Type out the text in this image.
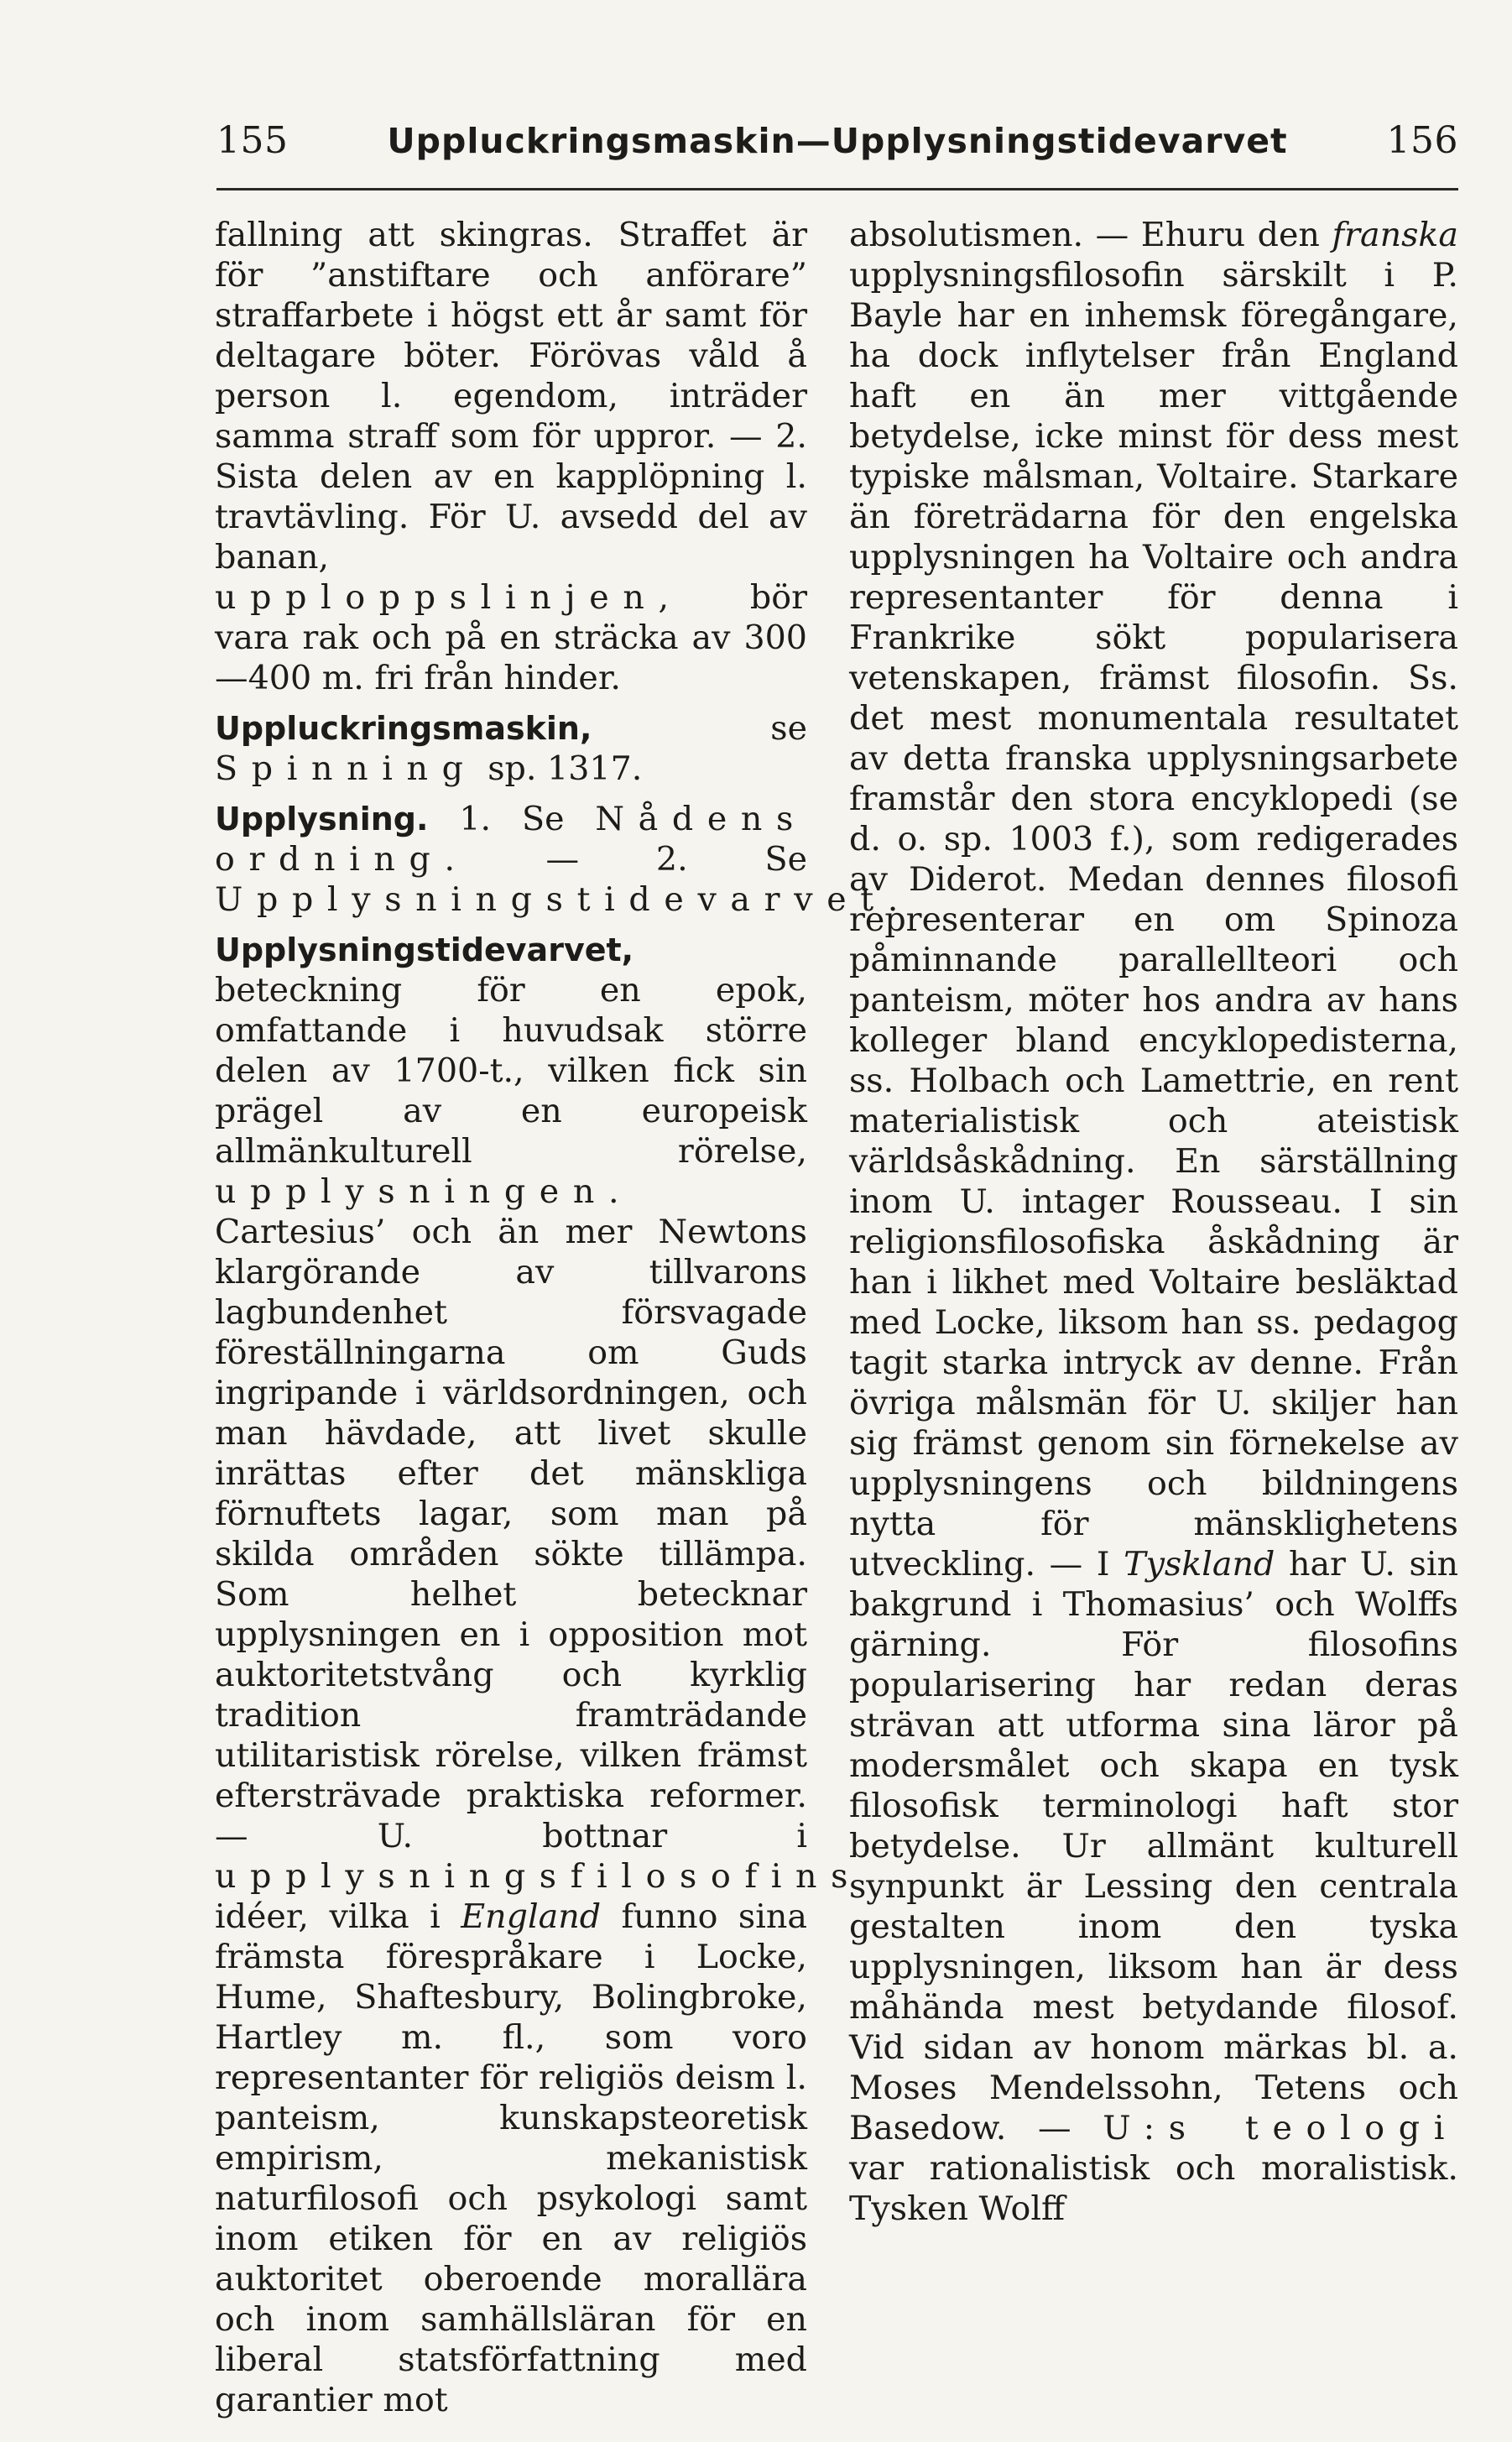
155	Uppluckringsmaskin—Upplysningstidevarvet	156

fallning att skingras. Straffet är för ”anstiftare och anförare” straffarbete i högst ett år samt för deltagare böter. Förövas våld å person l. egendom, inträder samma straff som för uppror. — 2. Sista delen av en kapplöpning l. travtävling. För U. avsedd del av banan, upploppslinjen, bör vara rak och på en sträcka av 300—400 m. fri från hinder.

Uppluckringsmaskin,	se Spinning sp. 1317.

Upplysning. 1. Se Nådens ordning. — 2. Se Upplysningstidevarvet.

Upplysningstidevarvet, beteckning för en epok, omfattande i huvudsak större delen av 1700-t., vilken fick sin prägel av en europeisk allmänkulturell rörelse, upplysningen. Cartesius’ och än mer Newtons klargörande av tillvarons lagbundenhet försvagade föreställningarna om Guds ingripande i världsordningen, och man hävdade, att livet skulle inrättas efter det mänskliga förnuftets lagar, som man på skilda områden sökte tillämpa. Som helhet betecknar upplysningen en i opposition mot auktoritetstvång och kyrklig tradition framträdande utilitaristisk rörelse, vilken främst eftersträvade praktiska reformer. — U. bottnar i upplysningsfilosofins idéer, vilka i England funno sina främsta förespråkare i Locke, Hume, Shaftesbury, Bolingbroke, Hartley m. fl., som voro representanter för religiös deism l. panteism, kunskapsteoretisk empirism, mekanistisk naturfilosofi och psykologi samt inom etiken för en av religiös auktoritet oberoende morallära och inom samhällsläran för en liberal statsförfattning med garantier mot

absolutismen. — Ehuru den franska upplysningsfilosofin särskilt i P. Bayle har en inhemsk föregångare, ha dock inflytelser från England haft en än mer vittgående betydelse, icke minst för dess mest typiske målsman, Voltaire. Starkare än företrädarna för den engelska upplysningen ha Voltaire och andra representanter för denna i Frankrike sökt popularisera vetenskapen, främst filosofin. Ss. det mest monumentala resultatet av detta franska upplysningsarbete framstår den stora encyklopedi (se d. o. sp. 1003 f.), som redigerades av Diderot. Medan dennes filosofi representerar en om Spinoza påminnande parallellteori och panteism, möter hos andra av hans kolleger bland encyklopedisterna, ss. Holbach och Lamettrie, en rent materialistisk och ateistisk världsåskådning. En särställning inom U. intager Rousseau. I sin religionsfilosofiska åskådning är han i likhet med Voltaire besläktad med Locke, liksom han ss. pedagog tagit starka intryck av denne. Från övriga målsmän för U. skiljer han sig främst genom sin förnekelse av upplysningens och bildningens nytta för mänsklighetens utveckling. — I Tyskland har U. sin bakgrund i Thomasius’ och Wolffs gärning. För filosofins popularisering har redan deras strävan att utforma sina läror på modersmålet och skapa en tysk filosofisk terminologi haft stor betydelse. Ur allmänt kulturell synpunkt är Lessing den centrala gestalten inom den tyska upplysningen, liksom han är dess måhända mest betydande filosof. Vid sidan av honom märkas bl. a. Moses Mendelssohn, Tetens och Basedow. — U:s teologi var rationalistisk och moralistisk. Tysken Wolff
